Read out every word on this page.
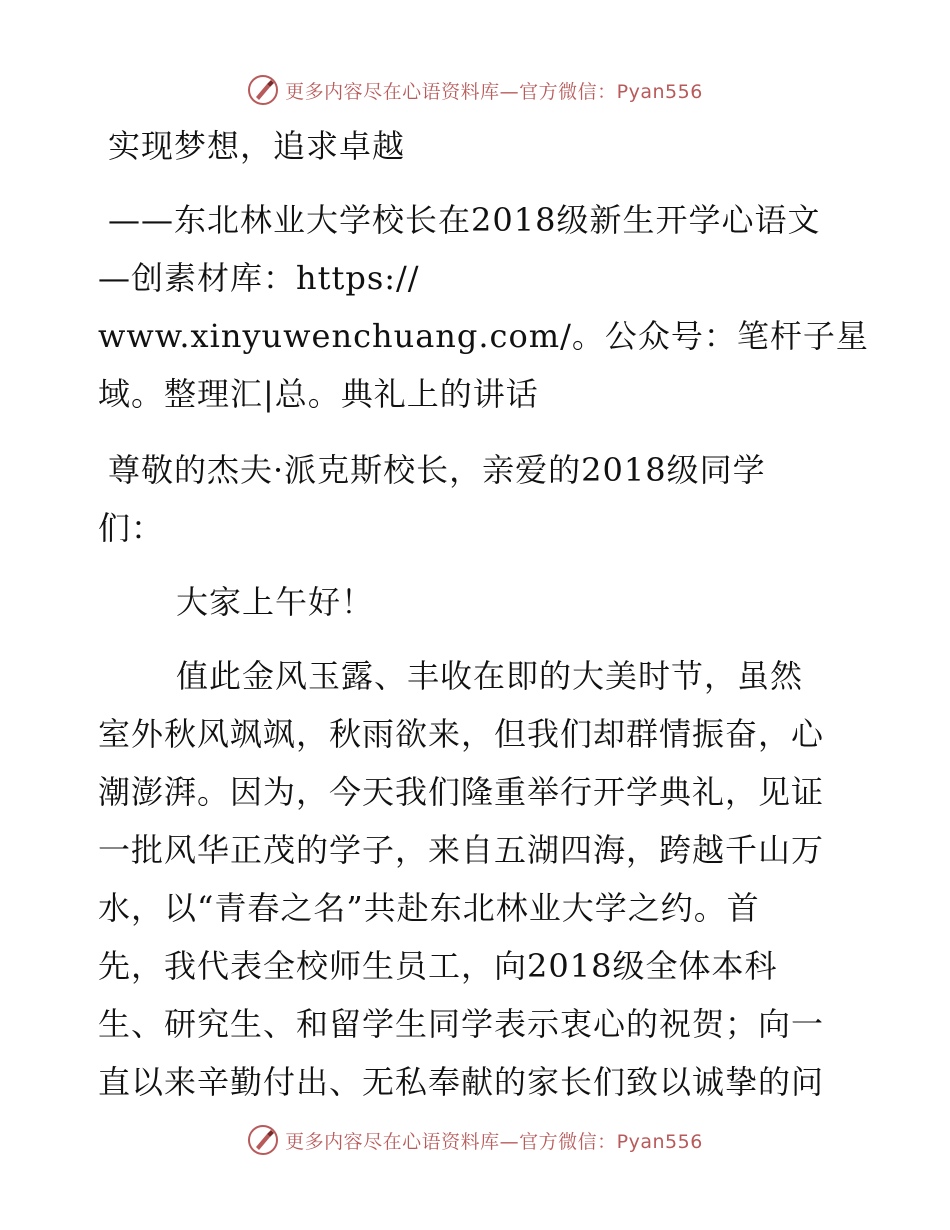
更多内容尽在心语资料库—官方微信：Pyan556
实现梦想，追求卓越
——东北林业大学校长在2018级新生开学心语文
—创素材库：https://
www.xinyuwenchuang.com/。公众号：笔杆子星
域。整理汇|总。典礼上的讲话
尊敬的杰夫·派克斯校长，亲爱的2018级同学
们：
大家上午好！
值此金风玉露、丰收在即的大美时节，虽然
室外秋风飒飒，秋雨欲来，但我们却群情振奋，心
潮澎湃。因为，今天我们隆重举行开学典礼，见证
一批风华正茂的学子，来自五湖四海，跨越千山万
水，以“青春之名”共赴东北林业大学之约。首
先，我代表全校师生员工，向2018级全体本科
生、研究生、和留学生同学表示衷心的祝贺；向一
直以来辛勤付出、无私奉献的家长们致以诚挚的问
更多内容尽在心语资料库—官方微信：Pyan556
